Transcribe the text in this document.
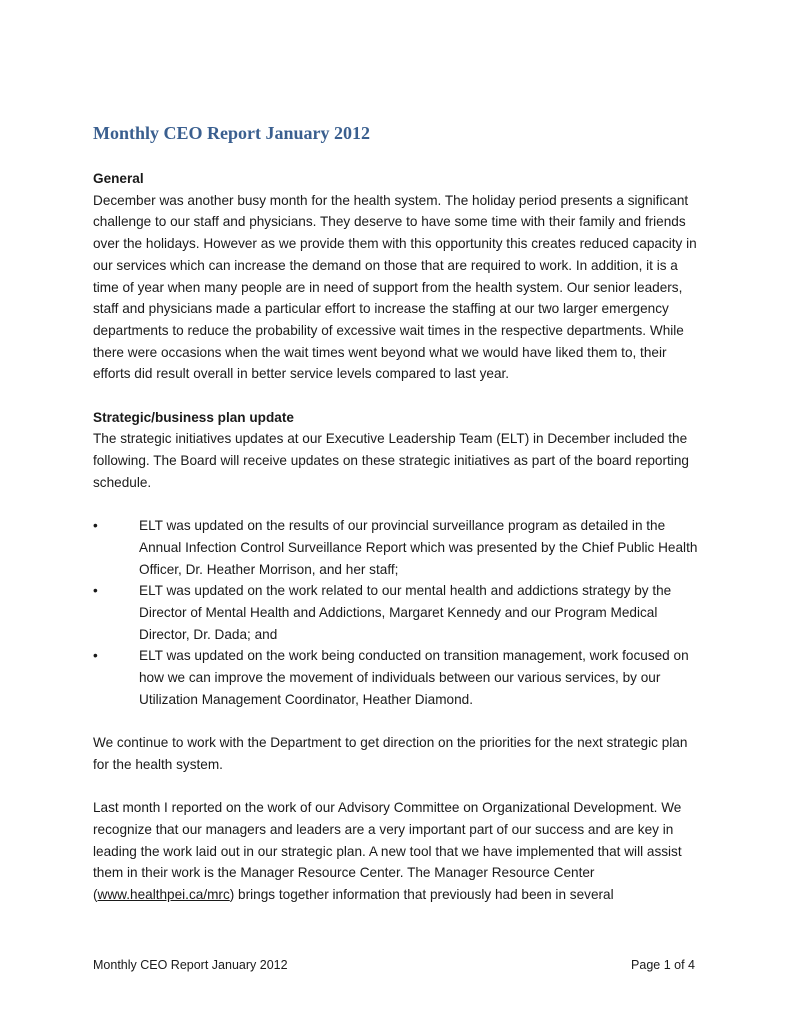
Monthly CEO Report January 2012

General

December was another busy month for the health system. The holiday period presents a significant challenge to our staff and physicians. They deserve to have some time with their family and friends over the holidays. However as we provide them with this opportunity this creates reduced capacity in our services which can increase the demand on those that are required to work. In addition, it is a time of year when many people are in need of support from the health system. Our senior leaders, staff and physicians made a particular effort to increase the staffing at our two larger emergency departments to reduce the probability of excessive wait times in the respective departments. While there were occasions when the wait times went beyond what we would have liked them to, their efforts did result overall in better service levels compared to last year.

Strategic/business plan update

The strategic initiatives updates at our Executive Leadership Team (ELT) in December included the following. The Board will receive updates on these strategic initiatives as part of the board reporting schedule.

•	ELT was updated on the results of our provincial surveillance program as detailed in the Annual Infection Control Surveillance Report which was presented by the Chief Public Health Officer, Dr. Heather Morrison, and her staff;
•	ELT was updated on the work related to our mental health and addictions strategy by the Director of Mental Health and Addictions, Margaret Kennedy and our Program Medical Director, Dr. Dada; and
•	ELT was updated on the work being conducted on transition management, work focused on how we can improve the movement of individuals between our various services, by our Utilization Management Coordinator, Heather Diamond.

We continue to work with the Department to get direction on the priorities for the next strategic plan for the health system.

Last month I reported on the work of our Advisory Committee on Organizational Development. We recognize that our managers and leaders are a very important part of our success and are key in leading the work laid out in our strategic plan. A new tool that we have implemented that will assist them in their work is the Manager Resource Center. The Manager Resource Center (www.healthpei.ca/mrc) brings together information that previously had been in several

Monthly CEO Report January 2012	Page 1 of 4
